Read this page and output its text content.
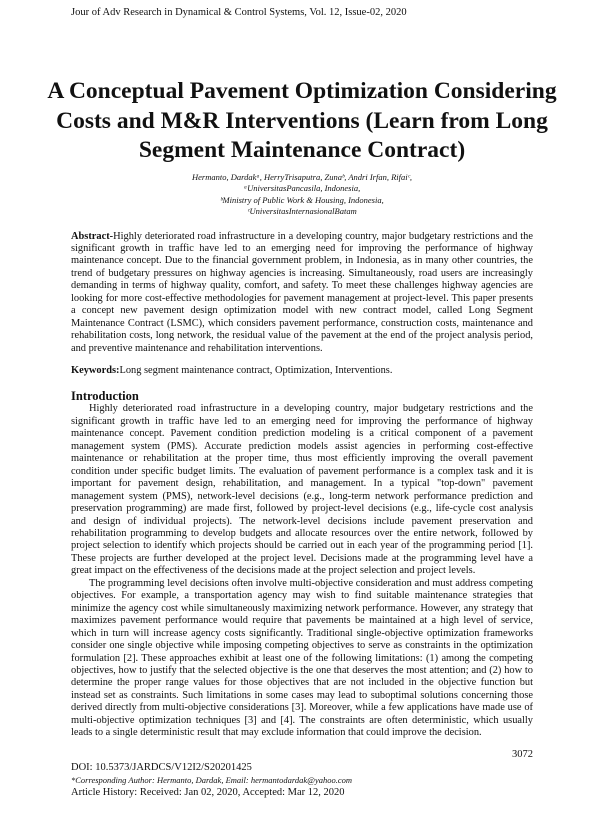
Jour of Adv Research in Dynamical & Control Systems, Vol. 12, Issue-02, 2020
A Conceptual Pavement Optimization Considering Costs and M&R Interventions (Learn from Long Segment Maintenance Contract)
Hermanto, Dardakᵃ, HerryTrisaputra, Zunaᵇ, Andri Irfan, Rifaiᶜ,
ᵃUniversitasPancasila, Indonesia,
ᵇMinistry of Public Work & Housing, Indonesia,
ᶜUniversitasInternasionalBatam
Abstract-Highly deteriorated road infrastructure in a developing country, major budgetary restrictions and the significant growth in traffic have led to an emerging need for improving the performance of highway maintenance concept. Due to the financial government problem, in Indonesia, as in many other countries, the trend of budgetary pressures on highway agencies is increasing. Simultaneously, road users are increasingly demanding in terms of highway quality, comfort, and safety. To meet these challenges highway agencies are looking for more cost-effective methodologies for pavement management at project-level. This paper presents a concept new pavement design optimization model with new contract model, called Long Segment Maintenance Contract (LSMC), which considers pavement performance, construction costs, maintenance and rehabilitation costs, long network, the residual value of the pavement at the end of the project analysis period, and preventive maintenance and rehabilitation interventions.
Keywords:Long segment maintenance contract, Optimization, Interventions.
Introduction
Highly deteriorated road infrastructure in a developing country, major budgetary restrictions and the significant growth in traffic have led to an emerging need for improving the performance of highway maintenance concept. Pavement condition prediction modeling is a critical component of a pavement management system (PMS). Accurate prediction models assist agencies in performing cost-effective maintenance or rehabilitation at the proper time, thus most efficiently improving the overall pavement condition under specific budget limits. The evaluation of pavement performance is a complex task and it is important for pavement design, rehabilitation, and management. In a typical "top-down" pavement management system (PMS), network-level decisions (e.g., long-term network performance prediction and preservation programming) are made first, followed by project-level decisions (e.g., life-cycle cost analysis and design of individual projects). The network-level decisions include pavement preservation and rehabilitation programming to develop budgets and allocate resources over the entire network, followed by project selection to identify which projects should be carried out in each year of the programming period [1]. These projects are further developed at the project level. Decisions made at the programming level have a great impact on the effectiveness of the decisions made at the project selection and project levels.
The programming level decisions often involve multi-objective consideration and must address competing objectives. For example, a transportation agency may wish to find suitable maintenance strategies that minimize the agency cost while simultaneously maximizing network performance. However, any strategy that maximizes pavement performance would require that pavements be maintained at a high level of service, which in turn will increase agency costs significantly. Traditional single-objective optimization frameworks consider one single objective while imposing competing objectives to serve as constraints in the optimization formulation [2]. These approaches exhibit at least one of the following limitations: (1) among the competing objectives, how to justify that the selected objective is the one that deserves the most attention; and (2) how to determine the proper range values for those objectives that are not included in the objective function but instead set as constraints. Such limitations in some cases may lead to suboptimal solutions concerning those derived directly from multi-objective considerations [3]. Moreover, while a few applications have made use of multi-objective optimization techniques [3] and [4]. The constraints are often deterministic, which usually leads to a single deterministic result that may exclude information that could improve the decision.
3072
DOI: 10.5373/JARDCS/V12I2/S20201425
*Corresponding Author: Hermanto, Dardak, Email: hermantodardak@yahoo.com
Article History: Received: Jan 02, 2020, Accepted: Mar 12, 2020
